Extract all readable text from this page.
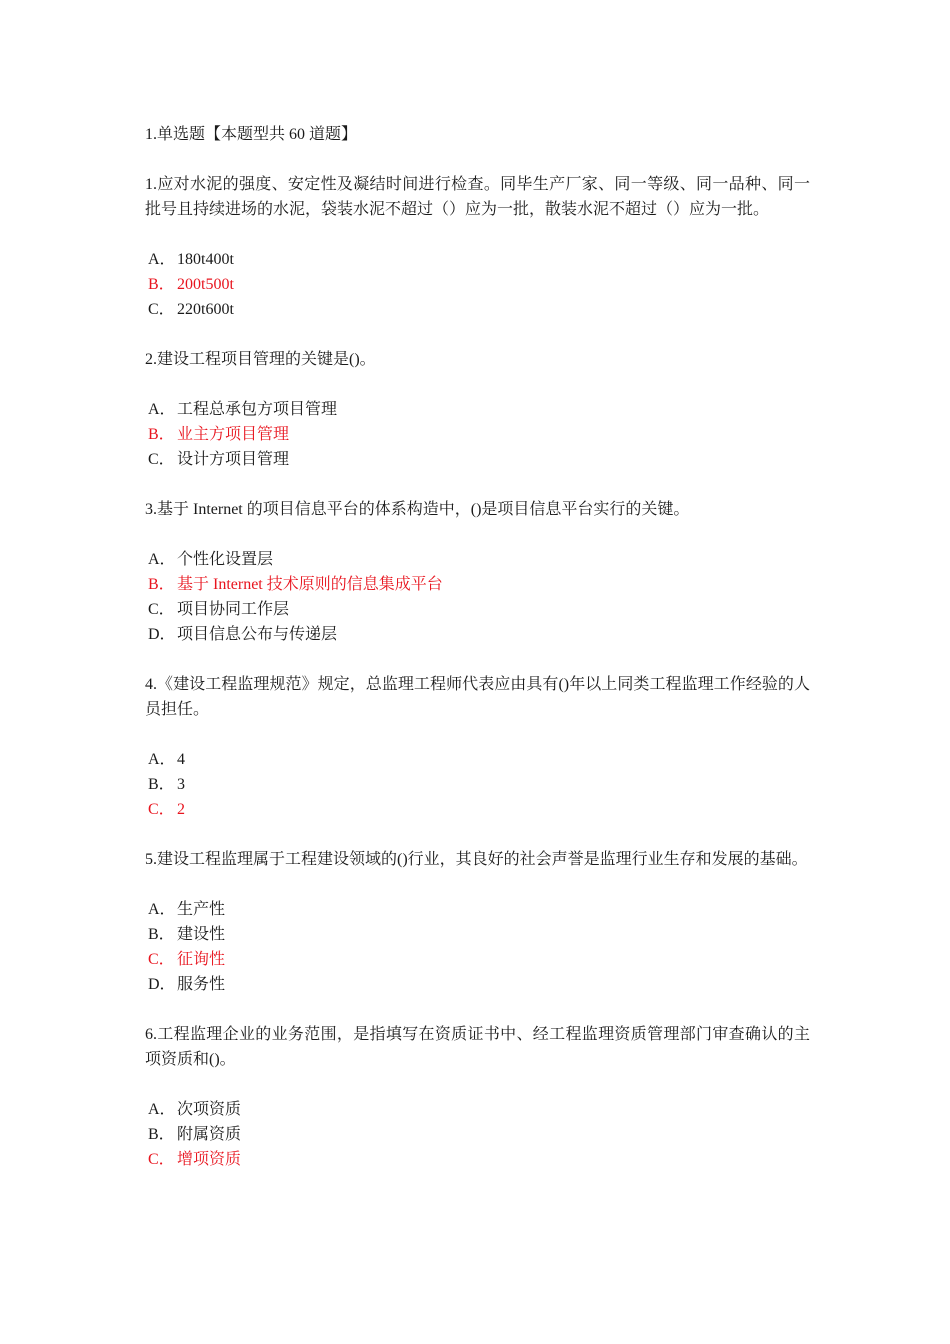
1.单选题【本题型共 60 道题】

1.应对水泥的强度、安定性及凝结时间进行检查。同毕生产厂家、同一等级、同一品种、同一批号且持续进场的水泥，袋装水泥不超过（）应为一批，散装水泥不超过（）应为一批。

A． 180t400t
B． 200t500t
C． 220t600t

2.建设工程项目管理的关键是()。

A． 工程总承包方项目管理
B． 业主方项目管理
C． 设计方项目管理

3.基于 Internet 的项目信息平台的体系构造中，()是项目信息平台实行的关键。

A． 个性化设置层
B． 基于 Internet 技术原则的信息集成平台
C． 项目协同工作层
D． 项目信息公布与传递层

4.《建设工程监理规范》规定，总监理工程师代表应由具有()年以上同类工程监理工作经验的人员担任。

A． 4
B． 3
C． 2

5.建设工程监理属于工程建设领域的()行业，其良好的社会声誉是监理行业生存和发展的基础。

A． 生产性
B． 建设性
C． 征询性
D． 服务性

6.工程监理企业的业务范围，是指填写在资质证书中、经工程监理资质管理部门审查确认的主项资质和()。

A． 次项资质
B． 附属资质
C． 增项资质
